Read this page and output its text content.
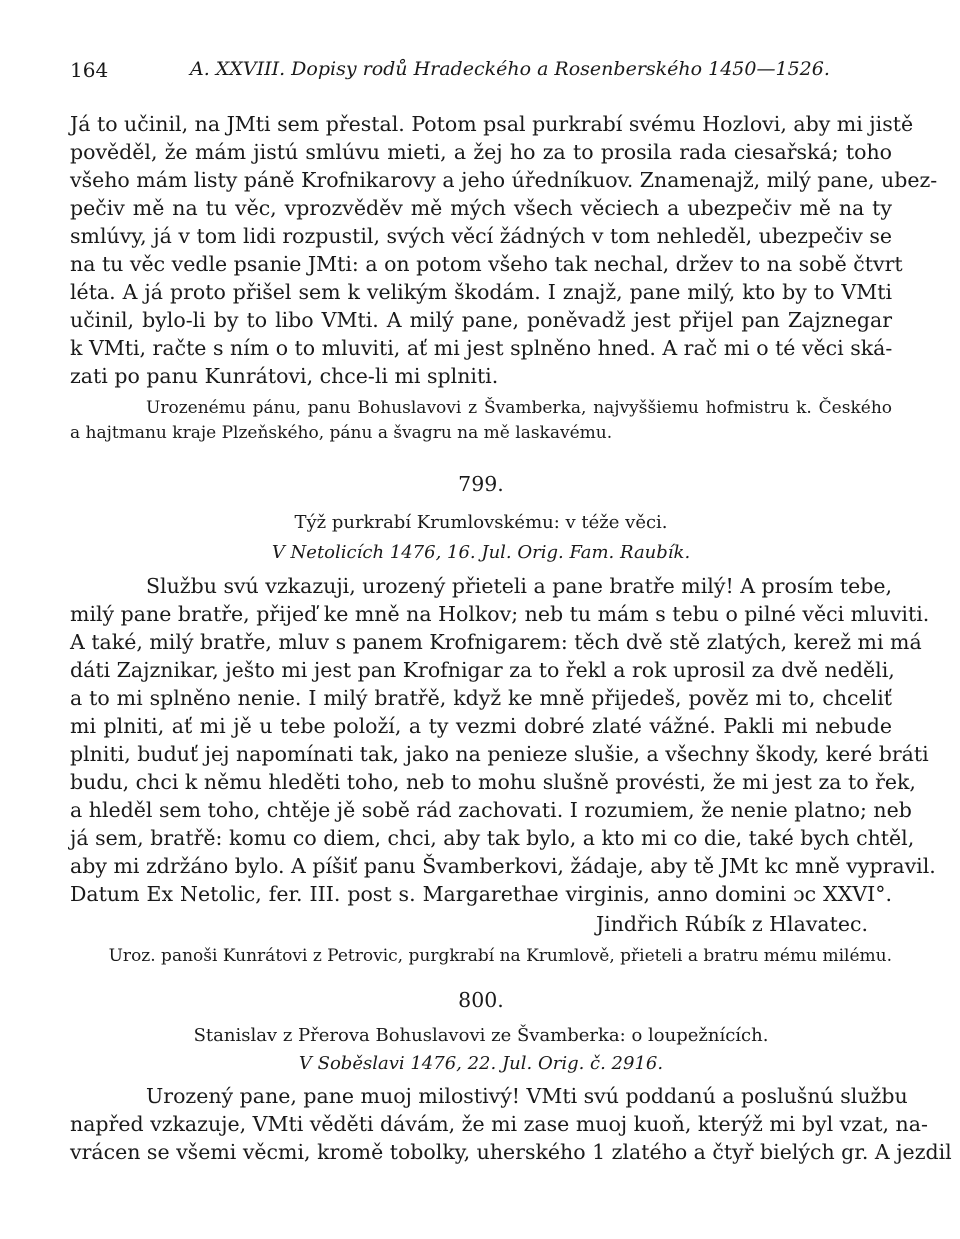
164	A. XXVIII. Dopisy rodů Hradeckého a Rosenberského 1450—1526.
Já to učinil, na JMti sem přestal. Potom psal purkrabí svému Hozlovi, aby mi jistě
pověděl, že mám jistú smlúvu mieti, a žej ho za to prosila rada ciesařská; toho
všeho mám listy páně Krofnikarovy a jeho úředníkuov. Znamenajž, milý pane, ubez-
pečiv mě na tu věc, vprozvěděv mě mých všech věciech a ubezpečiv mě na ty
smlúvy, já v tom lidi rozpustil, svých věcí žádných v tom nehleděl, ubezpečiv se
na tu věc vedle psanie JMti: a on potom všeho tak nechal, držev to na sobě čtvrt
léta. A já proto přišel sem k velikým škodám. I znajž, pane milý, kto by to VMti
učinil, bylo-li by to libo VMti. A milý pane, poněvadž jest přijel pan Zajznegar
k VMti, račte s ním o to mluviti, ať mi jest splněno hned. A rač mi o té věci ská-
zati po panu Kunrátovi, chce-li mi splniti.
Urozenému pánu, panu Bohuslavovi z Švamberka, najvyššiemu hofmistru k. Českého
a hajtmanu kraje Plzeňského, pánu a švagru na mě laskavému.
799.
Týž purkrabí Krumlovskému: v téže věci.
V Netolicích 1476, 16. Jul. Orig. Fam. Raubík.
Službu svú vzkazuji, urozený přieteli a pane bratře milý! A prosím tebe,
milý pane bratře, přijeď ke mně na Holkov; neb tu mám s tebu o pilné věci mluviti.
A také, milý bratře, mluv s panem Krofnigarem: těch dvě stě zlatých, kerež mi má
dáti Zajznikar, ješto mi jest pan Krofnigar za to řekl a rok uprosil za dvě neděli,
a to mi splněno nenie. I milý bratřě, když ke mně přijedeš, pověz mi to, chceliť
mi plniti, ať mi jě u tebe položí, a ty vezmi dobré zlaté vážné. Pakli mi nebude
plniti, buduť jej napomínati tak, jako na penieze slušie, a všechny škody, keré bráti
budu, chci k němu hleděti toho, neb to mohu slušně provésti, že mi jest za to řek,
a hleděl sem toho, chtěje jě sobě rád zachovati. I rozumiem, že nenie platno; neb
já sem, bratřě: komu co diem, chci, aby tak bylo, a kto mi co die, také bych chtěl,
aby mi zdržáno bylo. A píšiť panu Švamberkovi, žádaje, aby tě JMt kc mně vypravil.
Datum Ex Netolic, fer. III. post s. Margarethae virginis, anno domini ɔc XXVI°.
Jindřich Rúbík z Hlavatec.
Uroz. panoši Kunrátovi z Petrovic, purgkrabí na Krumlově, přieteli a bratru mému milému.
800.
Stanislav z Přerova Bohuslavovi ze Švamberka: o loupežnících.
V Soběslavi 1476, 22. Jul. Orig. č. 2916.
Urozený pane, pane muoj milostivý! VMti svú poddanú a poslušnú službu
napřed vzkazuje, VMti věděti dávám, že mi zase muoj kuoň, kterýž mi byl vzat, na-
vrácen se všemi věcmi, kromě tobolky, uherského 1 zlatého a čtyř bielých gr. A jezdil
